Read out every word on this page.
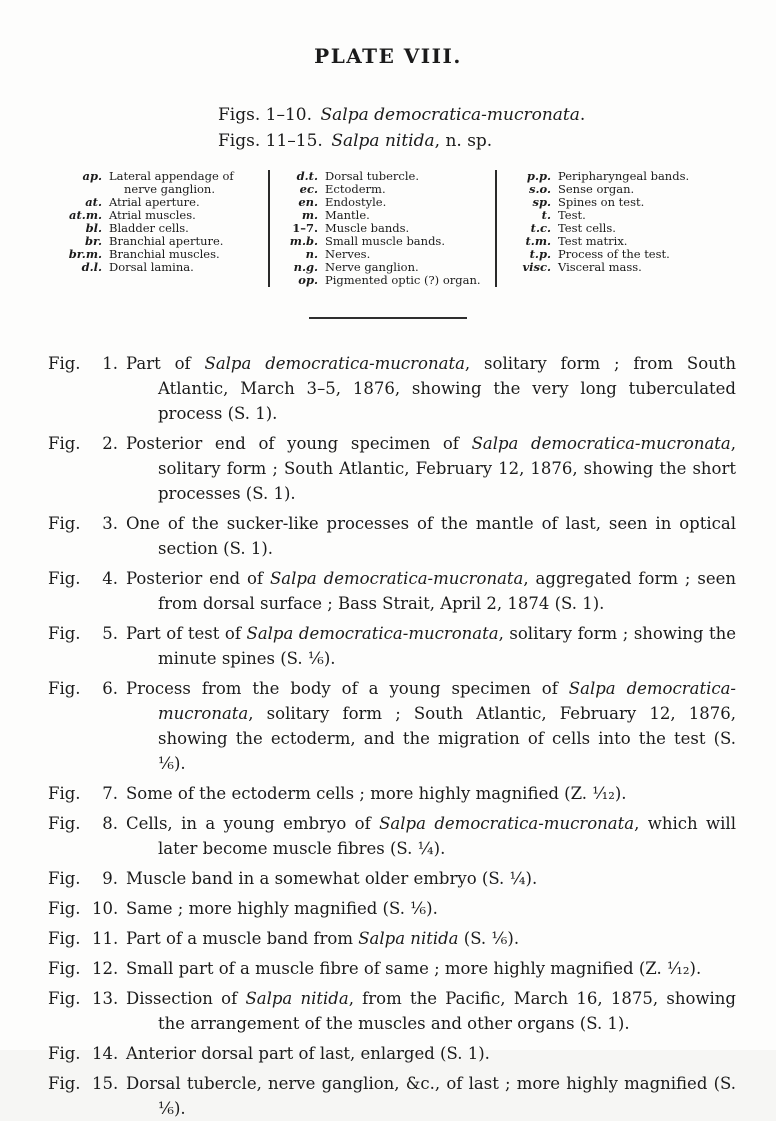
PLATE VIII.
Figs. 1–10. Salpa democratica-mucronata.
Figs. 11–15. Salpa nitida, n. sp.
ap. Lateral appendage of nerve ganglion.
at. Atrial aperture.
at.m. Atrial muscles.
bl. Bladder cells.
br. Branchial aperture.
br.m. Branchial muscles.
d.l. Dorsal lamina.
d.t. Dorsal tubercle.
ec. Ectoderm.
en. Endostyle.
m. Mantle.
1–7. Muscle bands.
m.b. Small muscle bands.
n. Nerves.
n.g. Nerve ganglion.
op. Pigmented optic (?) organ.
p.p. Peripharyngeal bands.
s.o. Sense organ.
sp. Spines on test.
t. Test.
t.c. Test cells.
t.m. Test matrix.
t.p. Process of the test.
visc. Visceral mass.
Fig.	1. Part of Salpa democratica-mucronata, solitary form ; from South Atlantic, March 3–5, 1876, showing the very long tuberculated process (S. 1).
Fig.	2. Posterior end of young specimen of Salpa democratica-mucronata, solitary form ; South Atlantic, February 12, 1876, showing the short processes (S. 1).
Fig.	3. One of the sucker-like processes of the mantle of last, seen in optical section (S. 1).
Fig.	4. Posterior end of Salpa democratica-mucronata, aggregated form ; seen from dorsal surface ; Bass Strait, April 2, 1874 (S. 1).
Fig.	5. Part of test of Salpa democratica-mucronata, solitary form ; showing the minute spines (S. ⅙).
Fig.	6. Process from the body of a young specimen of Salpa democratica-mucronata, solitary form ; South Atlantic, February 12, 1876, showing the ectoderm, and the migration of cells into the test (S. ⅙).
Fig.	7. Some of the ectoderm cells ; more highly magnified (Z. ¹⁄₁₂).
Fig.	8. Cells, in a young embryo of Salpa democratica-mucronata, which will later become muscle fibres (S. ¼).
Fig.	9. Muscle band in a somewhat older embryo (S. ¼).
Fig. 10. Same ; more highly magnified (S. ⅙).
Fig. 11. Part of a muscle band from Salpa nitida (S. ⅙).
Fig. 12. Small part of a muscle fibre of same ; more highly magnified (Z. ¹⁄₁₂).
Fig. 13. Dissection of Salpa nitida, from the Pacific, March 16, 1875, showing the arrangement of the muscles and other organs (S. 1).
Fig. 14. Anterior dorsal part of last, enlarged (S. 1).
Fig. 15. Dorsal tubercle, nerve ganglion, &c., of last ; more highly magnified (S. ⅙).
